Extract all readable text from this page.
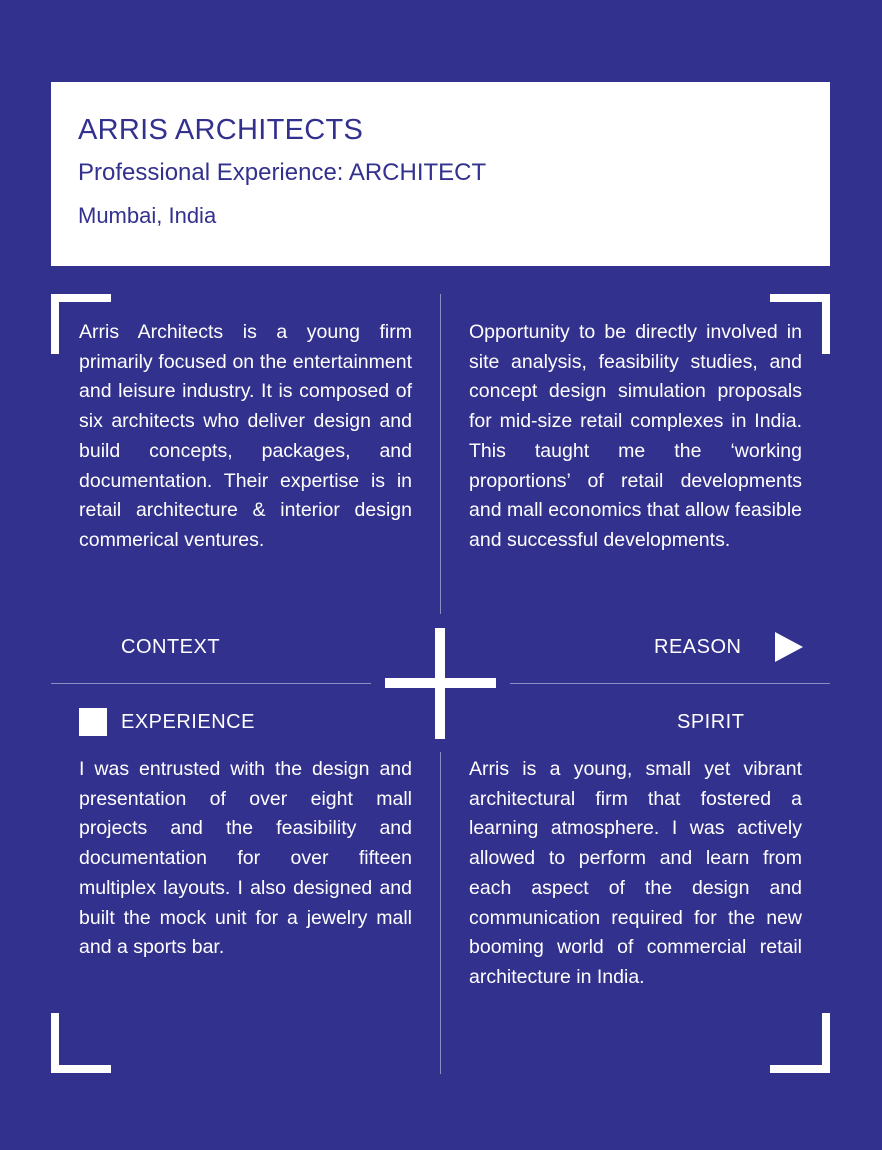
ARRIS ARCHITECTS
Professional Experience: ARCHITECT
Mumbai, India

Arris Architects is a young firm primarily focused on the entertainment and leisure industry. It is composed of six architects who deliver design and build concepts, packages, and documentation. Their expertise is in retail architecture & interior design commerical ventures.

Opportunity to be directly involved in site analysis, feasibility studies, and concept design simulation proposals for mid-size retail complexes in India. This taught me the ‘working proportions’ of retail developments and mall economics that allow feasible and successful developments.

I was entrusted with the design and presentation of over eight mall projects and the feasibility and documentation for over fifteen multiplex layouts. I also designed and built the mock unit for a jewelry mall and a sports bar.

Arris is a young, small yet vibrant architectural firm that fostered a learning atmosphere. I was actively allowed to perform and learn from each aspect of the design and communication required for the new booming world of commercial retail architecture in India.

CONTEXT	REASON
EXPERIENCE	SPIRIT
